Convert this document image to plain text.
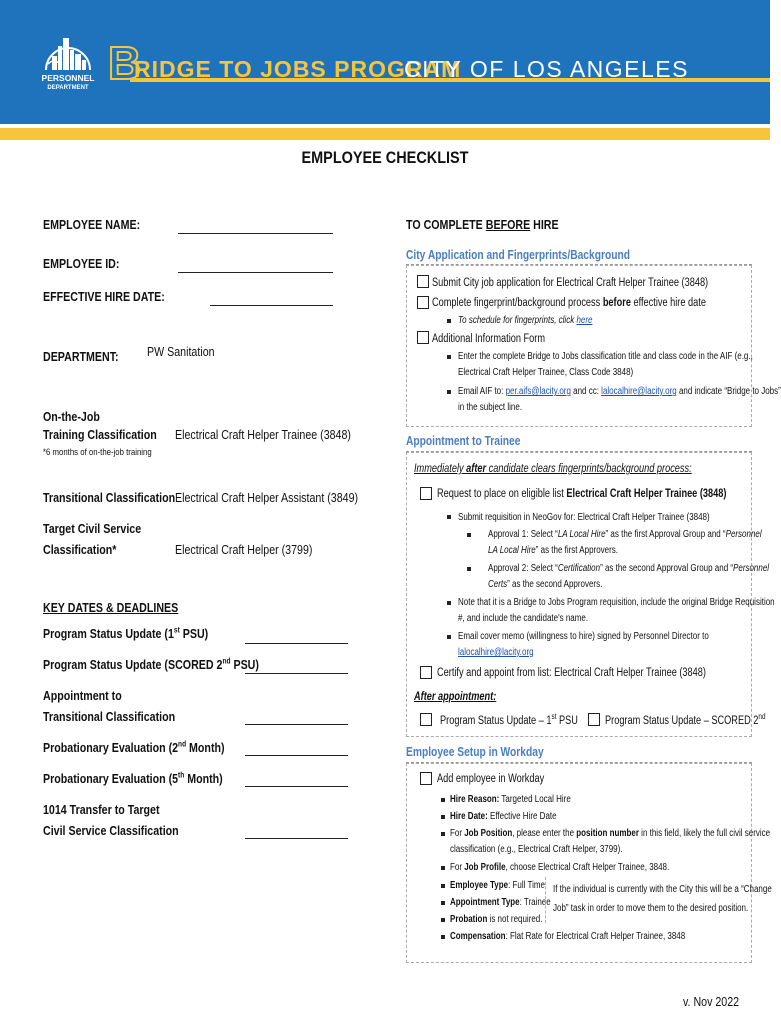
PERSONNEL
DEPARTMENT B
RIDGE TO JOBS PROGRAM
CITY OF LOS ANGELES
EMPLOYEE CHECKLIST
EMPLOYEE NAME:
EMPLOYEE ID:
EFFECTIVE HIRE DATE:
DEPARTMENT: PW Sanitation
On-the-Job
Training Classification Electrical Craft Helper Trainee (3848)
*6 months of on-the-job training
Transitional Classification Electrical Craft Helper Assistant (3849)
Target Civil Service
Classification*	Electrical Craft Helper (3799)
KEY DATES & DEADLINES
Program Status Update (1st PSU)
Program Status Update (SCORED 2nd PSU)
Appointment to
Transitional Classification
Probationary Evaluation (2nd Month)
Probationary Evaluation (5th Month)
1014 Transfer to Target
Civil Service Classification
TO COMPLETE BEFORE HIRE
City Application and Fingerprints/Background
Submit City job application for Electrical Craft Helper Trainee (3848)
Complete fingerprint/background process before effective hire date
To schedule for fingerprints, click here
Additional Information Form
Enter the complete Bridge to Jobs classification title and class code in the AIF (e.g.,
Electrical Craft Helper Trainee, Class Code 3848)
Email AIF to: per.aifs@lacity.org and cc: lalocalhire@lacity.org and indicate “Bridge to Jobs”
in the subject line.
Appointment to Trainee
Immediately after candidate clears fingerprints/background process:
Request to place on eligible list Electrical Craft Helper Trainee (3848)
Submit requisition in NeoGov for: Electrical Craft Helper Trainee (3848)
Approval 1: Select “LA Local Hire” as the first Approval Group and “Personnel
LA Local Hire” as the first Approvers.
Approval 2: Select “Certification” as the second Approval Group and “Personnel
Certs” as the second Approvers.
Note that it is a Bridge to Jobs Program requisition, include the original Bridge Requisition
#, and include the candidate's name.
Email cover memo (willingness to hire) signed by Personnel Director to
lalocalhire@lacity.org
Certify and appoint from list: Electrical Craft Helper Trainee (3848)
After appointment:
Program Status Update – 1st PSU Program Status Update – SCORED 2nd
Employee Setup in Workday
Add employee in Workday
Hire Reason: Targeted Local Hire
Hire Date: Effective Hire Date
For Job Position, please enter the position number in this field, likely the full civil service
classification (e.g., Electrical Craft Helper, 3799).
For Job Profile, choose Electrical Craft Helper Trainee, 3848.
Employee Type: Full Time
Appointment Type: Trainee
Probation is not required.
Compensation: Flat Rate for Electrical Craft Helper Trainee, 3848
If the individual is currently with the City this will be a “Change
Job” task in order to move them to the desired position.
v. Nov 2022
